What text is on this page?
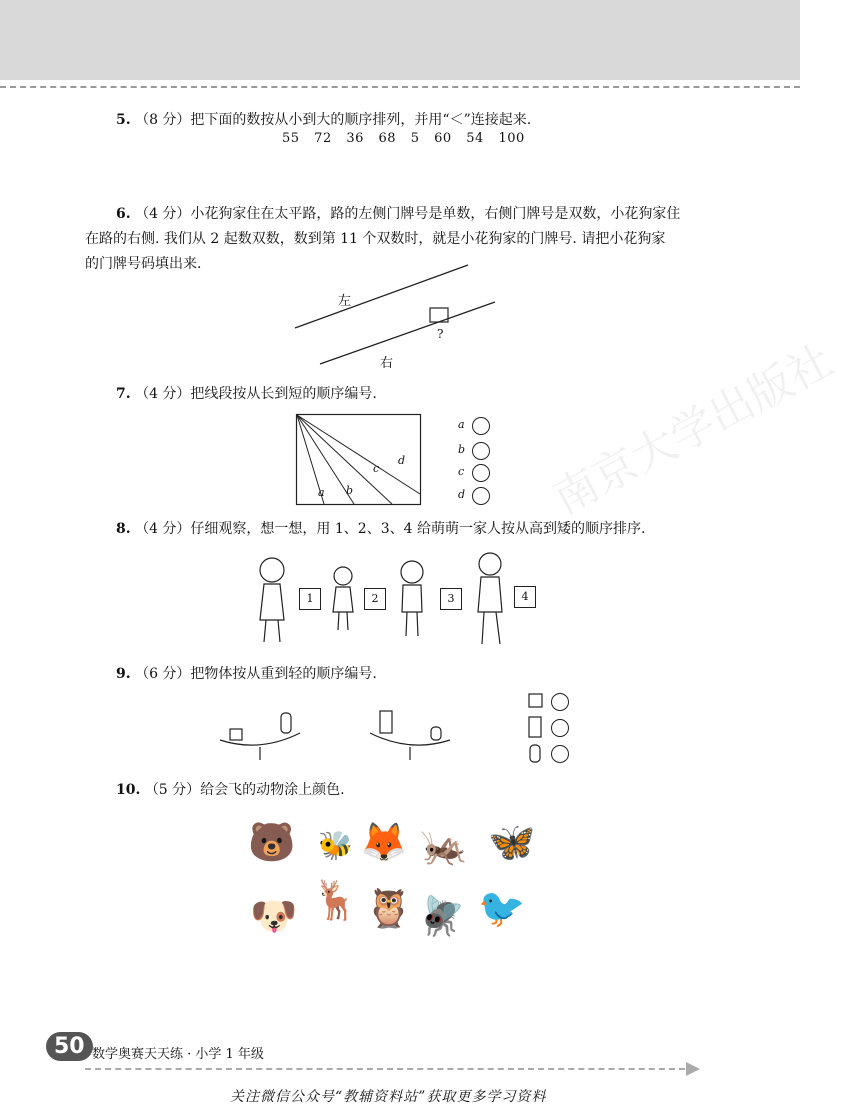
南京大学出版社
5. （8 分）把下面的数按从小到大的顺序排列，并用“＜”连接起来.
55 72 36 68 5 60 54 100
6. （4 分）小花狗家住在太平路，路的左侧门牌号是单数，右侧门牌号是双数，小花狗家住
在路的右侧. 我们从 2 起数双数，数到第 11 个双数时，就是小花狗家的门牌号. 请把小花狗家
的门牌号码填出来.
左
右
?
7. （4 分）把线段按从长到短的顺序编号.
a b
c
d
a
b
c
d
8. （4 分）仔细观察，想一想，用 1、2、3、4 给萌萌一家人按从高到矮的顺序排序.
1	2	3	4
9. （6 分）把物体按从重到轻的顺序编号.
10. （5 分）给会飞的动物涂上颜色.
🐻 🐝 🦊 🦗 🦋
🐶 🦌 🦉 🪰 🐦
50 数学奥赛天天练 · 小学 1 年级
关注微信公众号“教辅资料站”获取更多学习资料
